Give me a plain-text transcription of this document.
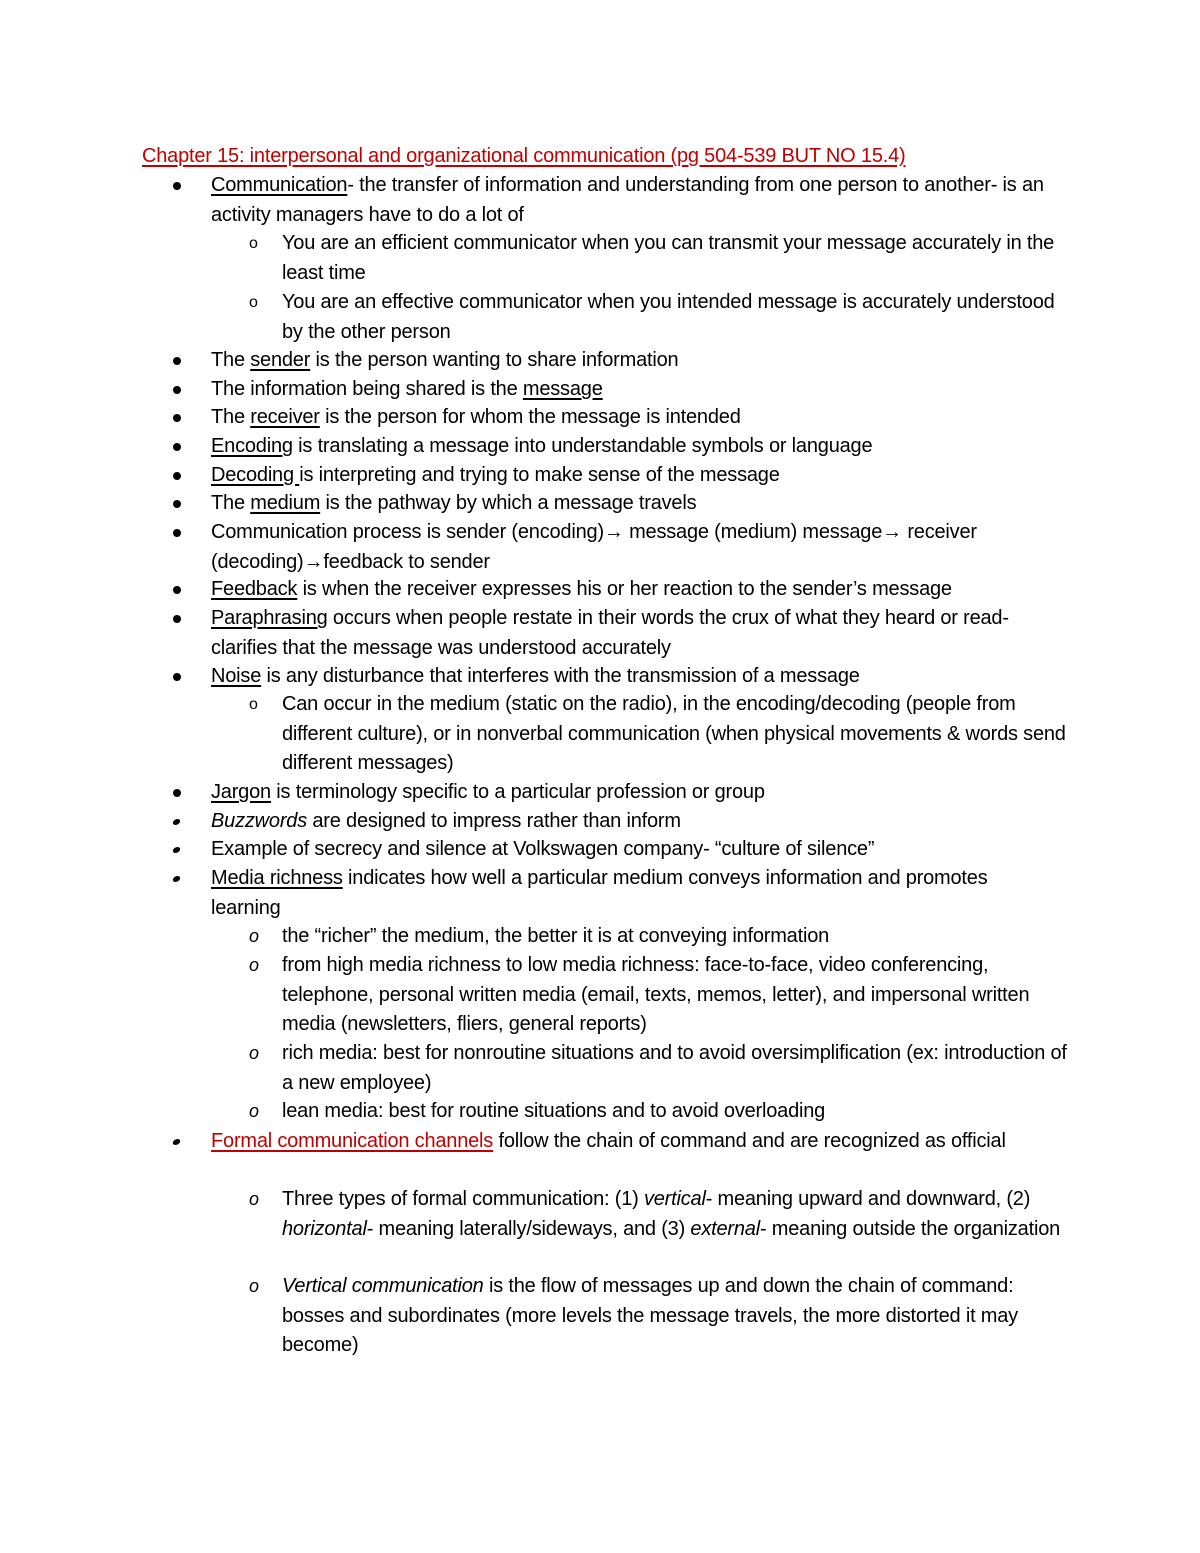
Chapter 15: interpersonal and organizational communication (pg 504-539 BUT NO 15.4)
Communication- the transfer of information and understanding from one person to another- is an activity managers have to do a lot of
o You are an efficient communicator when you can transmit your message accurately in the least time
o You are an effective communicator when you intended message is accurately understood by the other person
The sender is the person wanting to share information
The information being shared is the message
The receiver is the person for whom the message is intended
Encoding is translating a message into understandable symbols or language
Decoding is interpreting and trying to make sense of the message
The medium is the pathway by which a message travels
Communication process is sender (encoding)→ message (medium) message→ receiver (decoding)→feedback to sender
Feedback is when the receiver expresses his or her reaction to the sender’s message
Paraphrasing occurs when people restate in their words the crux of what they heard or read- clarifies that the message was understood accurately
Noise is any disturbance that interferes with the transmission of a message
o Can occur in the medium (static on the radio), in the encoding/decoding (people from different culture), or in nonverbal communication (when physical movements & words send different messages)
Jargon is terminology specific to a particular profession or group
Buzzwords are designed to impress rather than inform
Example of secrecy and silence at Volkswagen company- “culture of silence”
Media richness indicates how well a particular medium conveys information and promotes learning
o the “richer” the medium, the better it is at conveying information
o from high media richness to low media richness: face-to-face, video conferencing, telephone, personal written media (email, texts, memos, letter), and impersonal written media (newsletters, fliers, general reports)
o rich media: best for nonroutine situations and to avoid oversimplification (ex: introduction of a new employee)
o lean media: best for routine situations and to avoid overloading
Formal communication channels follow the chain of command and are recognized as official
o Three types of formal communication: (1) vertical- meaning upward and downward, (2) horizontal- meaning laterally/sideways, and (3) external- meaning outside the organization
o Vertical communication is the flow of messages up and down the chain of command: bosses and subordinates (more levels the message travels, the more distorted it may become)
